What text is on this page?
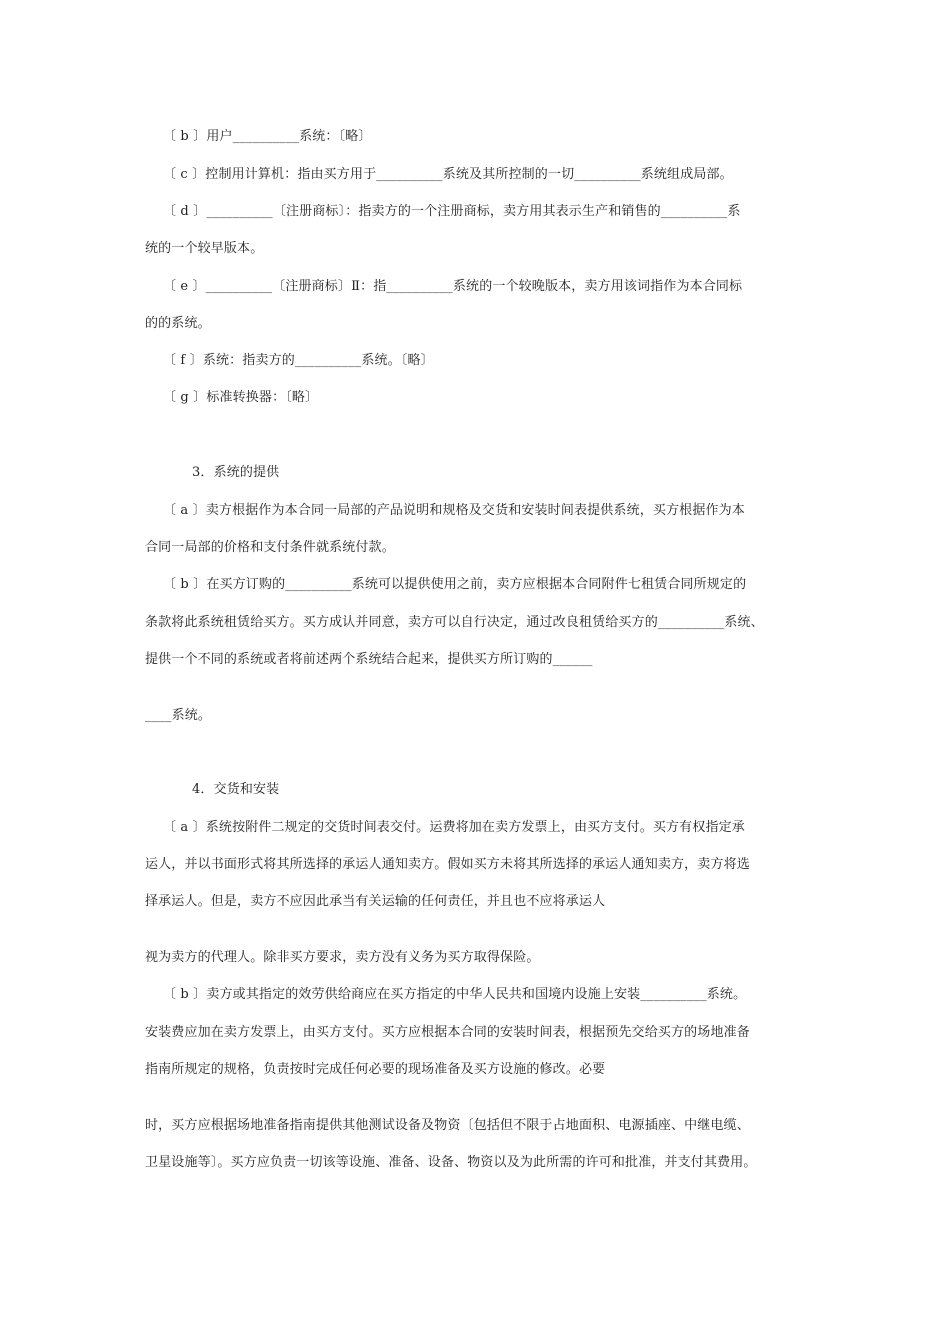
〔 b 〕用户__________系统：〔略〕
〔 c 〕控制用计算机：指由买方用于__________系统及其所控制的一切__________系统组成局部。
〔 d 〕__________〔注册商标〕：指卖方的一个注册商标，卖方用其表示生产和销售的__________系
统的一个较早版本。
〔 e 〕__________〔注册商标〕Ⅱ：指__________系统的一个较晚版本，卖方用该词指作为本合同标
的的系统。
〔 f 〕系统：指卖方的__________系统。〔略〕
〔 g 〕标准转换器：〔略〕
3．系统的提供
〔 a 〕卖方根据作为本合同一局部的产品说明和规格及交货和安装时间表提供系统，买方根据作为本
合同一局部的价格和支付条件就系统付款。
〔 b 〕在买方订购的__________系统可以提供使用之前，卖方应根据本合同附件七租赁合同所规定的
条款将此系统租赁给买方。买方成认并同意，卖方可以自行决定，通过改良租赁给买方的__________系统、
提供一个不同的系统或者将前述两个系统结合起来，提供买方所订购的______
____系统。
4．交货和安装
〔 a 〕系统按附件二规定的交货时间表交付。运费将加在卖方发票上，由买方支付。买方有权指定承
运人，并以书面形式将其所选择的承运人通知卖方。假如买方未将其所选择的承运人通知卖方，卖方将选
择承运人。但是，卖方不应因此承当有关运输的任何责任，并且也不应将承运人
视为卖方的代理人。除非买方要求，卖方没有义务为买方取得保险。
〔 b 〕卖方或其指定的效劳供给商应在买方指定的中华人民共和国境内设施上安装__________系统。
安装费应加在卖方发票上，由买方支付。买方应根据本合同的安装时间表，根据预先交给买方的场地准备
指南所规定的规格，负责按时完成任何必要的现场准备及买方设施的修改。必要
时，买方应根据场地准备指南提供其他测试设备及物资〔包括但不限于占地面积、电源插座、中继电缆、
卫星设施等〕。买方应负责一切该等设施、准备、设备、物资以及为此所需的许可和批准，并支付其费用。
